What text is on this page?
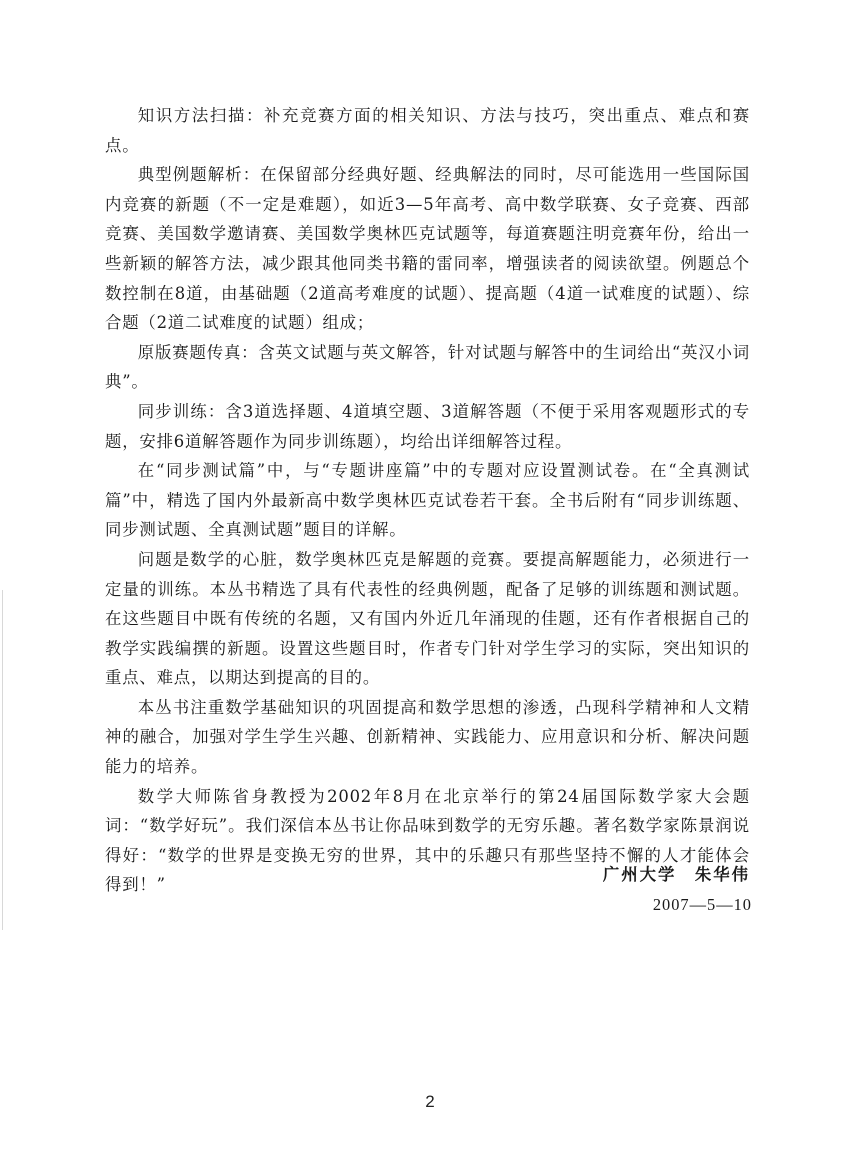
知识方法扫描：补充竞赛方面的相关知识、方法与技巧，突出重点、难点和赛点。

典型例题解析：在保留部分经典好题、经典解法的同时，尽可能选用一些国际国内竞赛的新题（不一定是难题），如近3—5年高考、高中数学联赛、女子竞赛、西部竞赛、美国数学邀请赛、美国数学奥林匹克试题等，每道赛题注明竞赛年份，给出一些新颖的解答方法，减少跟其他同类书籍的雷同率，增强读者的阅读欲望。例题总个数控制在8道，由基础题（2道高考难度的试题）、提高题（4道一试难度的试题）、综合题（2道二试难度的试题）组成；

原版赛题传真：含英文试题与英文解答，针对试题与解答中的生词给出“英汉小词典”。

同步训练：含3道选择题、4道填空题、3道解答题（不便于采用客观题形式的专题，安排6道解答题作为同步训练题），均给出详细解答过程。

在“同步测试篇”中，与“专题讲座篇”中的专题对应设置测试卷。在“全真测试篇”中，精选了国内外最新高中数学奥林匹克试卷若干套。全书后附有“同步训练题、同步测试题、全真测试题”题目的详解。

问题是数学的心脏，数学奥林匹克是解题的竞赛。要提高解题能力，必须进行一定量的训练。本丛书精选了具有代表性的经典例题，配备了足够的训练题和测试题。在这些题目中既有传统的名题，又有国内外近几年涌现的佳题，还有作者根据自己的教学实践编撰的新题。设置这些题目时，作者专门针对学生学习的实际，突出知识的重点、难点，以期达到提高的目的。

本丛书注重数学基础知识的巩固提高和数学思想的渗透，凸现科学精神和人文精神的融合，加强对学生学生兴趣、创新精神、实践能力、应用意识和分析、解决问题能力的培养。

数学大师陈省身教授为2002年8月在北京举行的第24届国际数学家大会题词：“数学好玩”。我们深信本丛书让你品味到数学的无穷乐趣。著名数学家陈景润说得好：“数学的世界是变换无穷的世界，其中的乐趣只有那些坚持不懈的人才能体会得到！”

广州大学　朱华伟
2007—5—10
2
